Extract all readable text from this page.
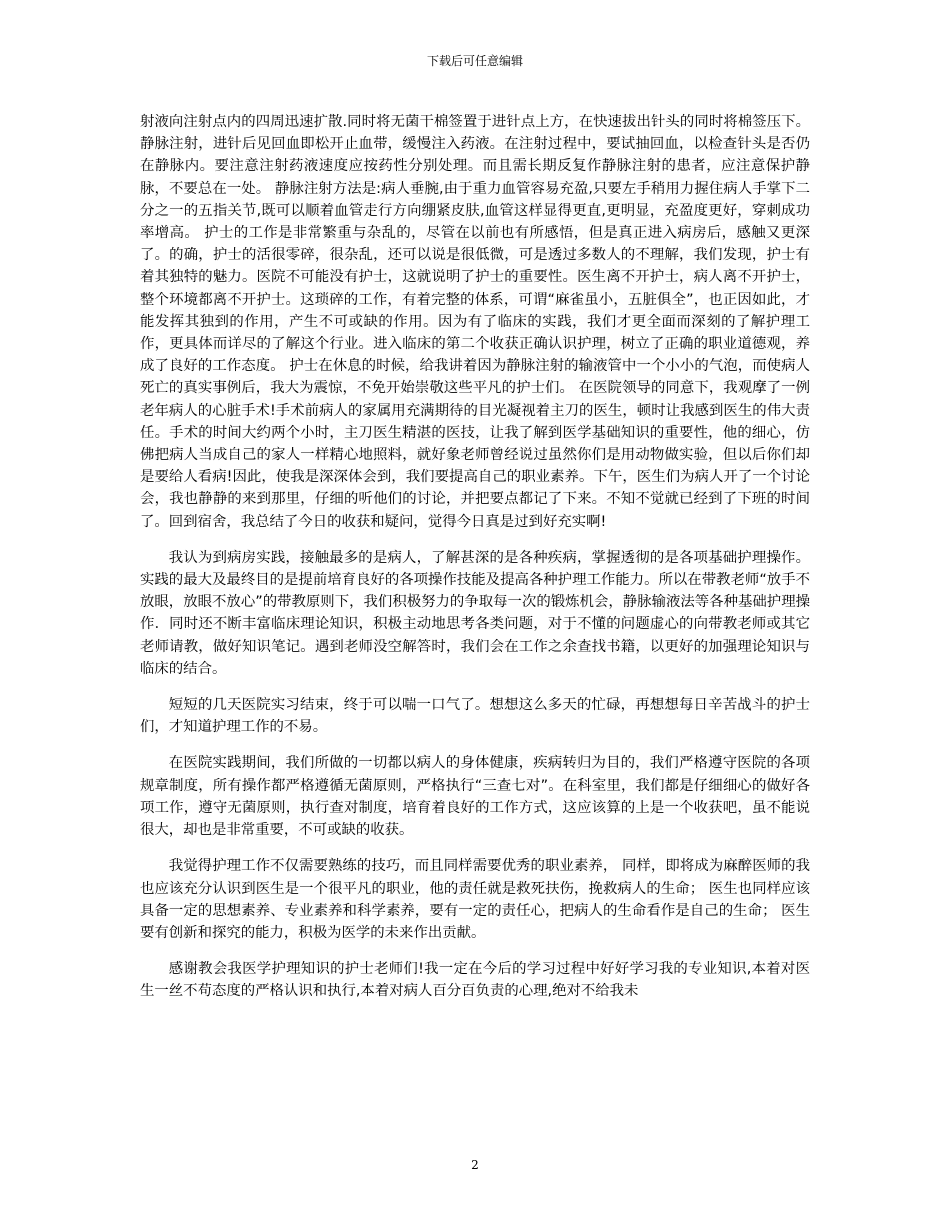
下载后可任意编辑

射液向注射点内的四周迅速扩散.同时将无菌干棉签置于进针点上方，在快速拔出针头的同时将棉签压下。静脉注射，进针后见回血即松开止血带，缓慢注入药液。在注射过程中，要试抽回血，以检查针头是否仍在静脉内。要注意注射药液速度应按药性分别处理。而且需长期反复作静脉注射的患者，应注意保护静脉，不要总在一处。 静脉注射方法是:病人垂腕,由于重力血管容易充盈,只要左手稍用力握住病人手掌下二分之一的五指关节,既可以顺着血管走行方向绷紧皮肤,血管这样显得更直,更明显，充盈度更好，穿刺成功率增高。 护士的工作是非常繁重与杂乱的，尽管在以前也有所感悟，但是真正进入病房后，感触又更深了。的确，护士的活很零碎，很杂乱，还可以说是很低微，可是透过多数人的不理解，我们发现，护士有着其独特的魅力。医院不可能没有护士，这就说明了护士的重要性。医生离不开护士，病人离不开护士，整个环境都离不开护士。这琐碎的工作，有着完整的体系，可谓“麻雀虽小，五脏俱全”，也正因如此，才能发挥其独到的作用，产生不可或缺的作用。因为有了临床的实践，我们才更全面而深刻的了解护理工作，更具体而详尽的了解这个行业。进入临床的第二个收获正确认识护理，树立了正确的职业道德观，养成了良好的工作态度。 护士在休息的时候，给我讲着因为静脉注射的输液管中一个小小的气泡，而使病人死亡的真实事例后，我大为震惊，不免开始崇敬这些平凡的护士们。 在医院领导的同意下，我观摩了一例老年病人的心脏手术!手术前病人的家属用充满期待的目光凝视着主刀的医生，顿时让我感到医生的伟大责任。手术的时间大约两个小时，主刀医生精湛的医技，让我了解到医学基础知识的重要性，他的细心，仿佛把病人当成自己的家人一样精心地照料，就好象老师曾经说过虽然你们是用动物做实验，但以后你们却是要给人看病!因此，使我是深深体会到，我们要提高自己的职业素养。下午，医生们为病人开了一个讨论会，我也静静的来到那里，仔细的听他们的讨论，并把要点都记了下来。不知不觉就已经到了下班的时间了。回到宿舍，我总结了今日的收获和疑问，觉得今日真是过到好充实啊!

我认为到病房实践，接触最多的是病人，了解甚深的是各种疾病，掌握透彻的是各项基础护理操作。实践的最大及最终目的是提前培育良好的各项操作技能及提高各种护理工作能力。所以在带教老师“放手不放眼，放眼不放心”的带教原则下，我们积极努力的争取每一次的锻炼机会，静脉输液法等各种基础护理操作．同时还不断丰富临床理论知识，积极主动地思考各类问题，对于不懂的问题虚心的向带教老师或其它老师请教，做好知识笔记。遇到老师没空解答时，我们会在工作之余查找书籍，以更好的加强理论知识与临床的结合。

短短的几天医院实习结束，终于可以喘一口气了。想想这么多天的忙碌，再想想每日辛苦战斗的护士们，才知道护理工作的不易。

在医院实践期间，我们所做的一切都以病人的身体健康，疾病转归为目的，我们严格遵守医院的各项规章制度，所有操作都严格遵循无菌原则，严格执行“三查七对”。在科室里，我们都是仔细细心的做好各项工作，遵守无菌原则，执行查对制度，培育着良好的工作方式，这应该算的上是一个收获吧，虽不能说很大，却也是非常重要，不可或缺的收获。

我觉得护理工作不仅需要熟练的技巧，而且同样需要优秀的职业素养， 同样，即将成为麻醉医师的我也应该充分认识到医生是一个很平凡的职业，他的责任就是救死扶伤，挽救病人的生命； 医生也同样应该具备一定的思想素养、专业素养和科学素养，要有一定的责任心，把病人的生命看作是自己的生命； 医生要有创新和探究的能力，积极为医学的未来作出贡献。

感谢教会我医学护理知识的护士老师们!我一定在今后的学习过程中好好学习我的专业知识,本着对医生一丝不苟态度的严格认识和执行,本着对病人百分百负责的心理,绝对不给我未

2
